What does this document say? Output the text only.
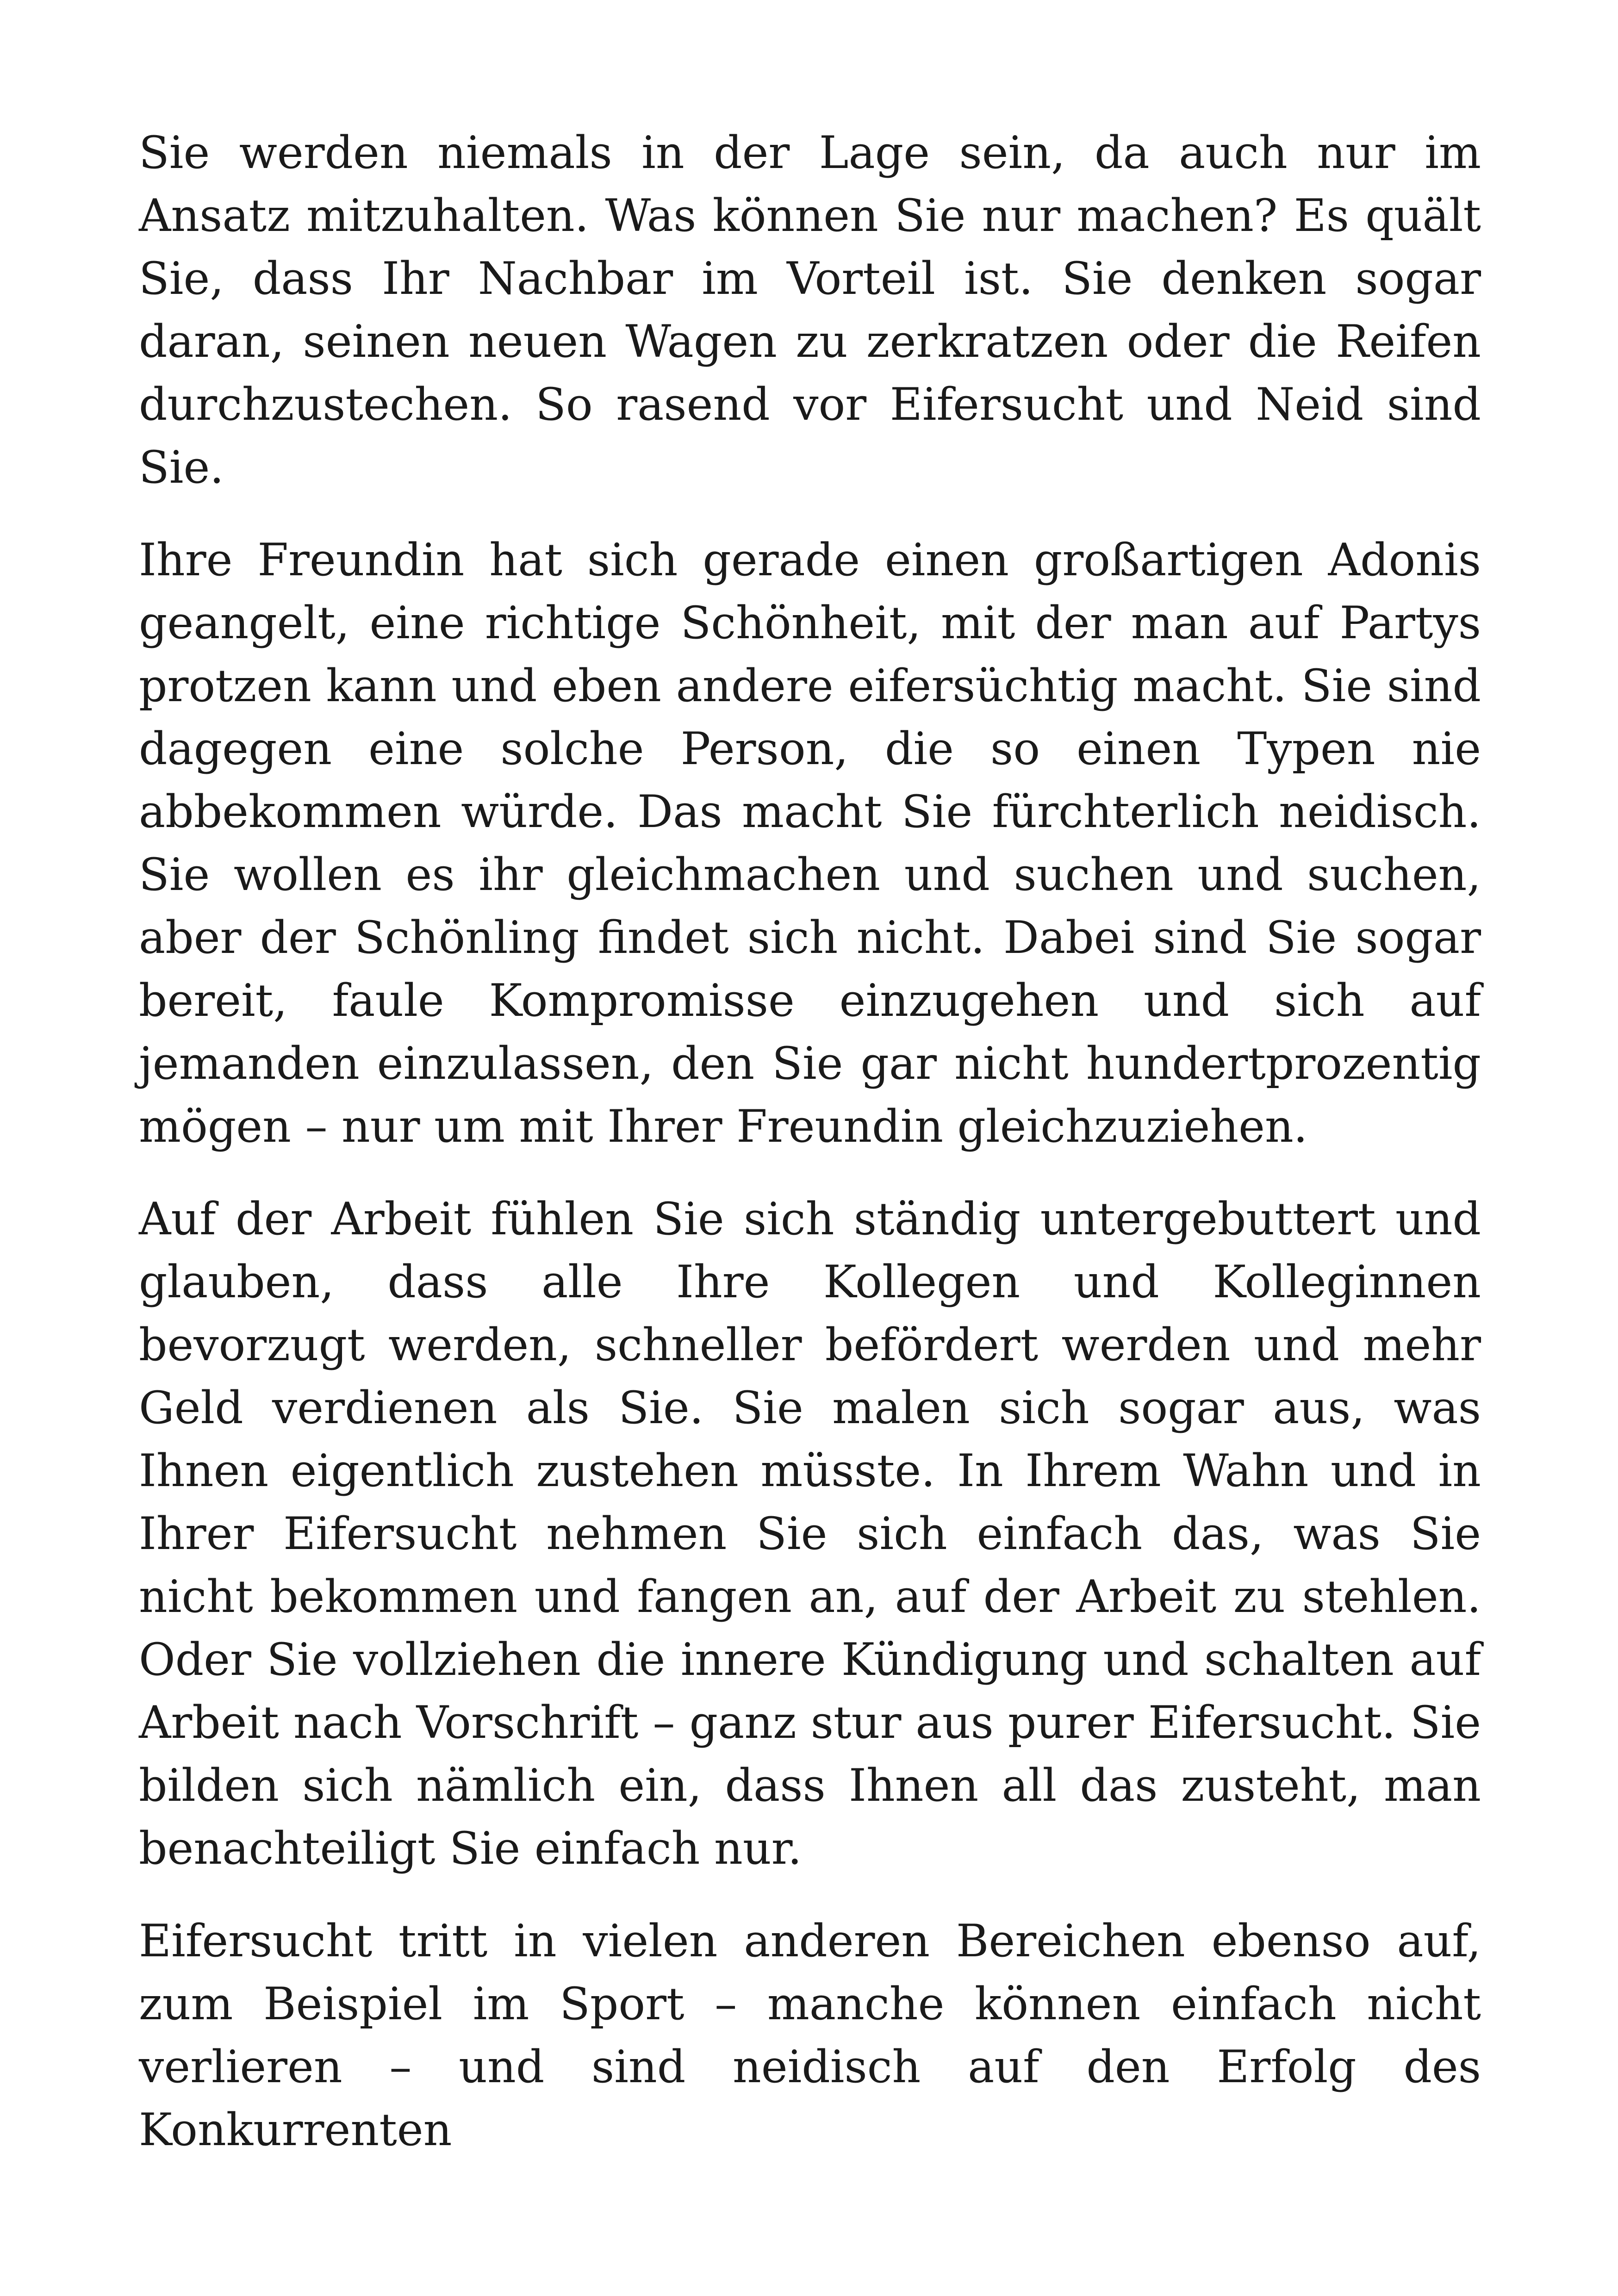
Sie werden niemals in der Lage sein, da auch nur im Ansatz mitzuhalten. Was können Sie nur machen? Es quält Sie, dass Ihr Nachbar im Vorteil ist. Sie denken sogar daran, seinen neuen Wagen zu zerkratzen oder die Reifen durchzustechen. So rasend vor Eifersucht und Neid sind Sie.

Ihre Freundin hat sich gerade einen großartigen Adonis geangelt, eine richtige Schönheit, mit der man auf Partys protzen kann und eben andere eifersüchtig macht. Sie sind dagegen eine solche Person, die so einen Typen nie abbekommen würde. Das macht Sie fürchterlich neidisch. Sie wollen es ihr gleichmachen und suchen und suchen, aber der Schönling findet sich nicht. Dabei sind Sie sogar bereit, faule Kompromisse einzugehen und sich auf jemanden einzulassen, den Sie gar nicht hundertprozentig mögen – nur um mit Ihrer Freundin gleichzuziehen.

Auf der Arbeit fühlen Sie sich ständig untergebuttert und glauben, dass alle Ihre Kollegen und Kolleginnen bevorzugt werden, schneller befördert werden und mehr Geld verdienen als Sie. Sie malen sich sogar aus, was Ihnen eigentlich zustehen müsste. In Ihrem Wahn und in Ihrer Eifersucht nehmen Sie sich einfach das, was Sie nicht bekommen und fangen an, auf der Arbeit zu stehlen. Oder Sie vollziehen die innere Kündigung und schalten auf Arbeit nach Vorschrift – ganz stur aus purer Eifersucht. Sie bilden sich nämlich ein, dass Ihnen all das zusteht, man benachteiligt Sie einfach nur.

Eifersucht tritt in vielen anderen Bereichen ebenso auf, zum Beispiel im Sport – manche können einfach nicht verlieren – und sind neidisch auf den Erfolg des Konkurrenten
